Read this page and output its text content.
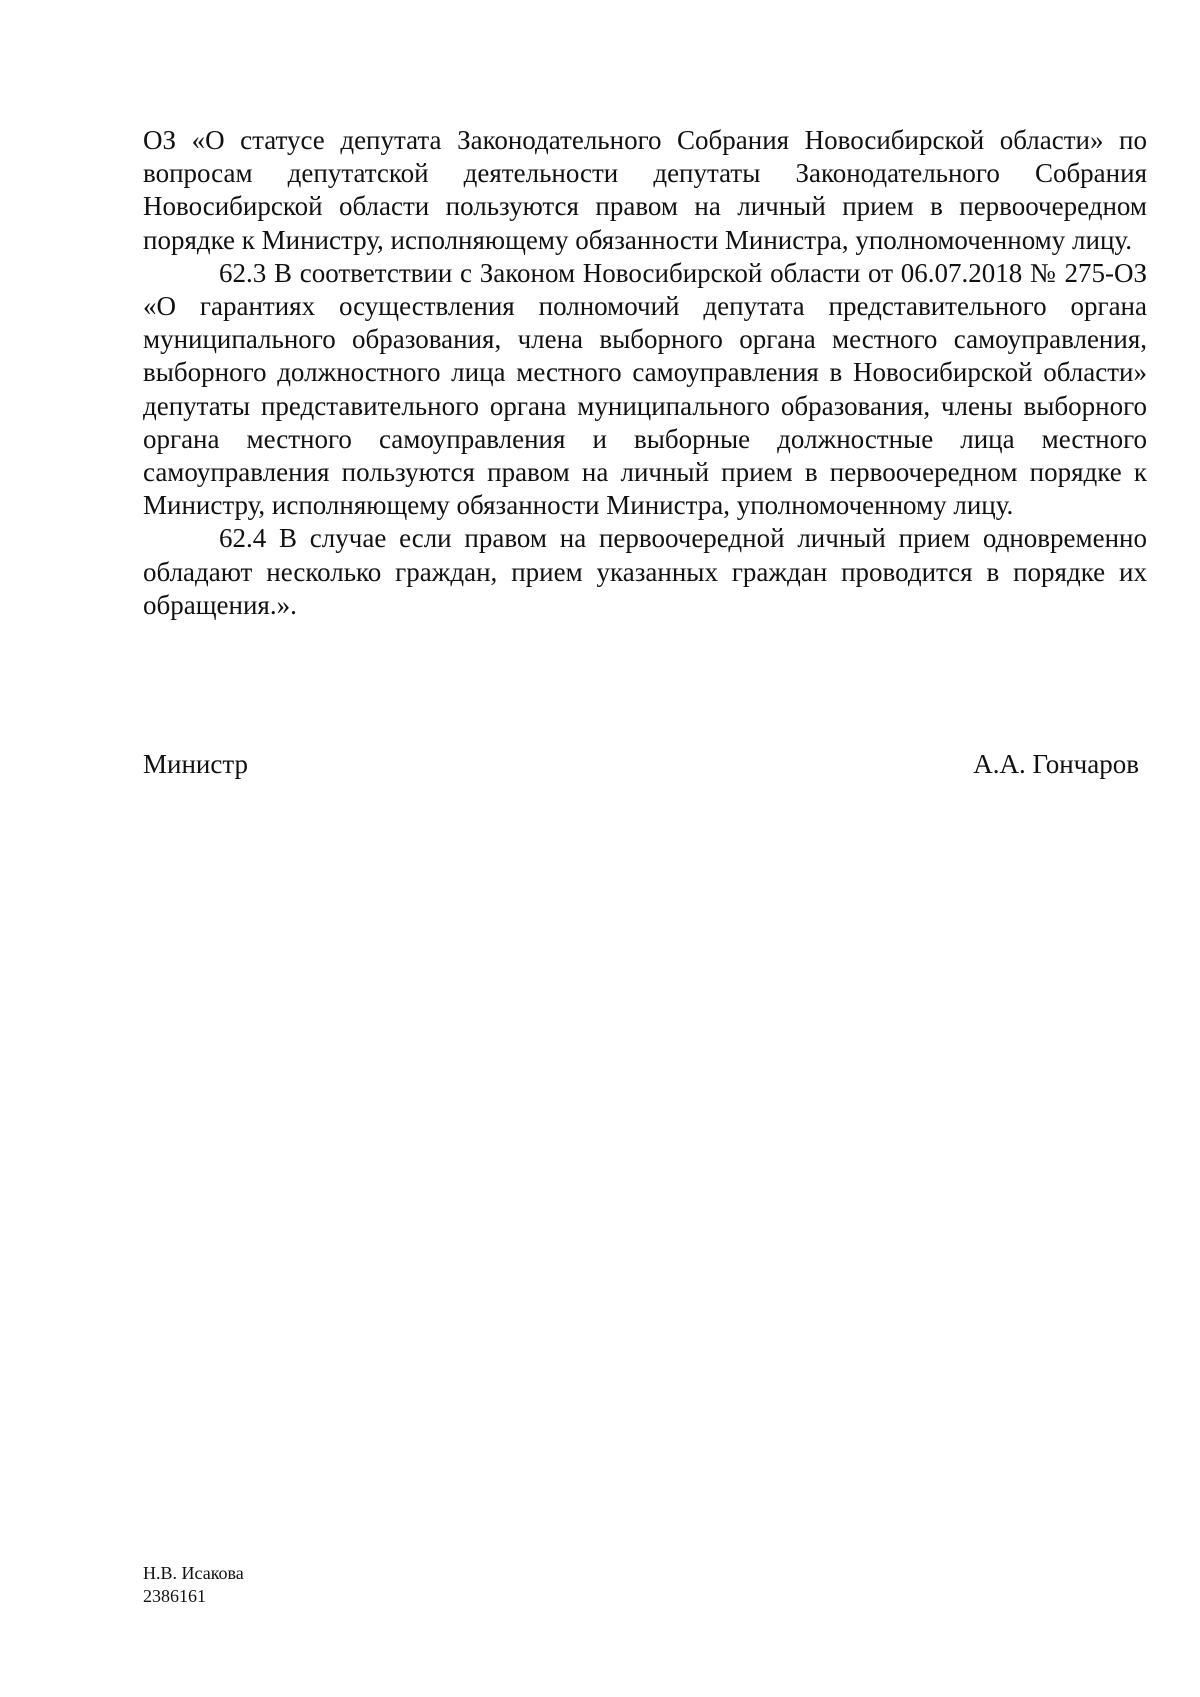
ОЗ «О статусе депутата Законодательного Собрания Новосибирской области» по вопросам депутатской деятельности депутаты Законодательного Собрания Новосибирской области пользуются правом на личный прием в первоочередном порядке к Министру, исполняющему обязанности Министра, уполномоченному лицу.

62.3 В соответствии с Законом Новосибирской области от 06.07.2018 № 275-ОЗ «О гарантиях осуществления полномочий депутата представительного органа муниципального образования, члена выборного органа местного самоуправления, выборного должностного лица местного самоуправления в Новосибирской области» депутаты представительного органа муниципального образования, члены выборного органа местного самоуправления и выборные должностные лица местного самоуправления пользуются правом на личный прием в первоочередном порядке к Министру, исполняющему обязанности Министра, уполномоченному лицу.

62.4 В случае если правом на первоочередной личный прием одновременно обладают несколько граждан, прием указанных граждан проводится в порядке их обращения.».

Министр	А.А. Гончаров
Н.В. Исакова
2386161
